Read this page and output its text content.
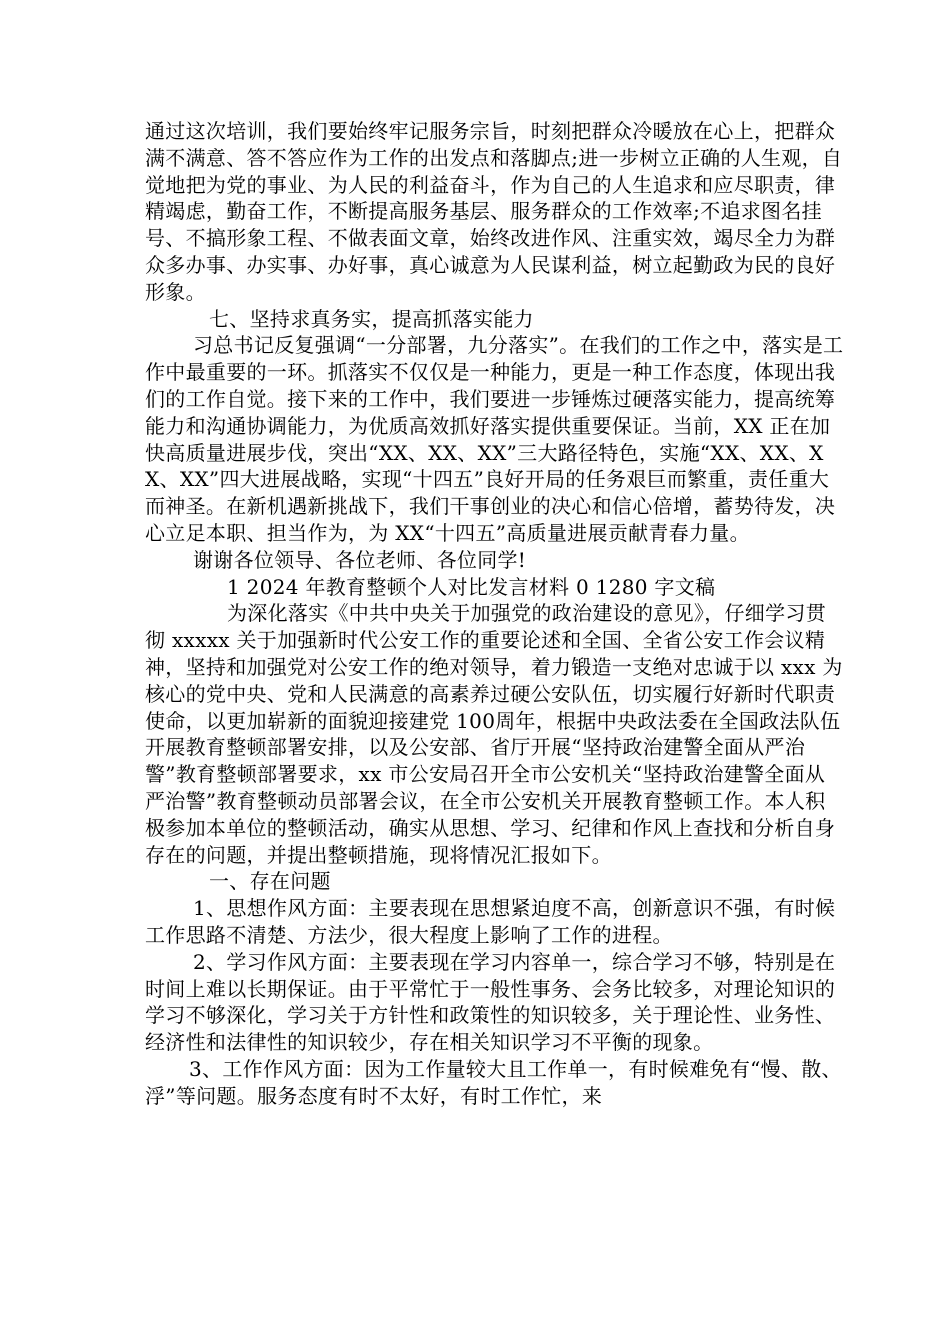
通过这次培训，我们要始终牢记服务宗旨，时刻把群众冷暖放在心上，把群众满不满意、答不答应作为工作的出发点和落脚点;进一步树立正确的人生观，自觉地把为党的事业、为人民的利益奋斗，作为自己的人生追求和应尽职责，律精竭虑，勤奋工作，不断提高服务基层、服务群众的工作效率;不追求图名挂号、不搞形象工程、不做表面文章，始终改进作风、注重实效，竭尽全力为群众多办事、办实事、办好事，真心诚意为人民谋利益，树立起勤政为民的良好形象。

七、坚持求真务实，提高抓落实能力

习总书记反复强调“一分部署，九分落实”。在我们的工作之中，落实是工作中最重要的一环。抓落实不仅仅是一种能力，更是一种工作态度，体现出我们的工作自觉。接下来的工作中，我们要进一步锤炼过硬落实能力，提高统筹能力和沟通协调能力，为优质高效抓好落实提供重要保证。当前，XX 正在加快高质量进展步伐，突出“XX、XX、XX”三大路径特色，实施“XX、XX、XX、XX”四大进展战略，实现“十四五”良好开局的任务艰巨而繁重，责任重大而神圣。在新机遇新挑战下，我们干事创业的决心和信心倍增，蓄势待发，决心立足本职、担当作为，为 XX“十四五”高质量进展贡献青春力量。

谢谢各位领导、各位老师、各位同学!

1 2024 年教育整顿个人对比发言材料 0 1280 字文稿

为深化落实《中共中央关于加强党的政治建设的意见》，仔细学习贯彻 xxxxx 关于加强新时代公安工作的重要论述和全国、全省公安工作会议精神，坚持和加强党对公安工作的绝对领导，着力锻造一支绝对忠诚于以 xxx 为核心的党中央、党和人民满意的高素养过硬公安队伍，切实履行好新时代职责使命，以更加崭新的面貌迎接建党 100周年，根据中央政法委在全国政法队伍开展教育整顿部署安排，以及公安部、省厅开展“坚持政治建警全面从严治警”教育整顿部署要求，xx 市公安局召开全市公安机关“坚持政治建警全面从严治警”教育整顿动员部署会议，在全市公安机关开展教育整顿工作。本人积极参加本单位的整顿活动，确实从思想、学习、纪律和作风上查找和分析自身存在的问题，并提出整顿措施，现将情况汇报如下。

一、存在问题

1、思想作风方面：主要表现在思想紧迫度不高，创新意识不强，有时候工作思路不清楚、方法少，很大程度上影响了工作的进程。

2、学习作风方面：主要表现在学习内容单一，综合学习不够，特别是在时间上难以长期保证。由于平常忙于一般性事务、会务比较多，对理论知识的学习不够深化，学习关于方针性和政策性的知识较多，关于理论性、业务性、经济性和法律性的知识较少，存在相关知识学习不平衡的现象。

3、工作作风方面：因为工作量较大且工作单一，有时候难免有“慢、散、浮”等问题。服务态度有时不太好，有时工作忙，来
